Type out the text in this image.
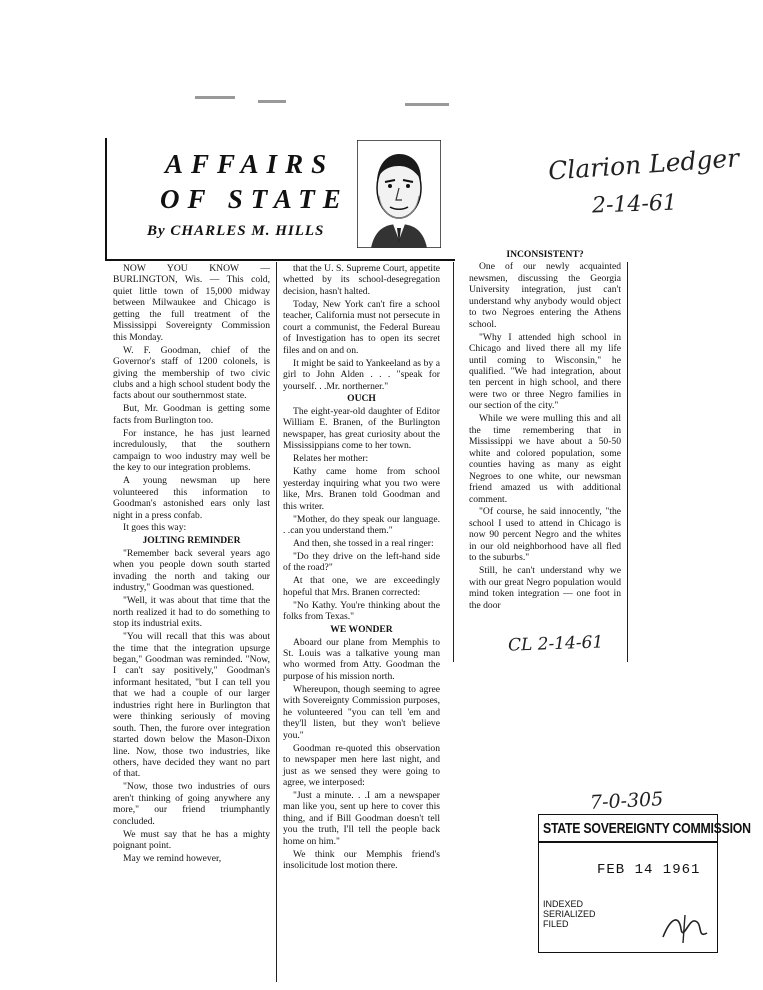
Clarion Ledger
2-14-61
AFFAIRS
OF STATE
By CHARLES M. HILLS

NOW YOU KNOW — BURLINGTON, Wis. — This cold, quiet little town of 15,000 midway between Milwaukee and Chicago is getting the full treatment of the Mississippi Sovereignty Commission this Monday.

W. F. Goodman, chief of the Governor's staff of 1200 colonels, is giving the membership of two civic clubs and a high school student body the facts about our southernmost state.

But, Mr. Goodman is getting some facts from Burlington too.

For instance, he has just learned incredulously, that the southern campaign to woo industry may well be the key to our integration problems.

A young newsman up here volunteered this information to Goodman's astonished ears only last night in a press confab.

It goes this way:

JOLTING REMINDER

"Remember back several years ago when you people down south started invading the north and taking our industry," Goodman was questioned.

"Well, it was about that time that the north realized it had to do something to stop its industrial exits.

"You will recall that this was about the time that the integration upsurge began," Goodman was reminded. "Now, I can't say positively," Goodman's informant hesitated, "but I can tell you that we had a couple of our larger industries right here in Burlington that were thinking seriously of moving south. Then, the furore over integration started down below the Mason-Dixon line. Now, those two industries, like others, have decided they want no part of that.

"Now, those two industries of ours aren't thinking of going anywhere any more," our friend triumphantly concluded.

We must say that he has a mighty poignant point.

May we remind however,

that the U. S. Supreme Court, appetite whetted by its school-desegregation decision, hasn't halted.

Today, New York can't fire a school teacher, California must not persecute in court a communist, the Federal Bureau of Investigation has to open its secret files and on and on.

It might be said to Yankeeland as by a girl to John Alden . . . "speak for yourself. . .Mr. northerner."

OUCH

The eight-year-old daughter of Editor William E. Branen, of the Burlington newspaper, has great curiosity about the Mississippians come to her town.

Relates her mother:

Kathy came home from school yesterday inquiring what you two were like, Mrs. Branen told Goodman and this writer.

"Mother, do they speak our language. . .can you understand them."

And then, she tossed in a real ringer:

"Do they drive on the left-hand side of the road?"

At that one, we are exceedingly hopeful that Mrs. Branen corrected:

"No Kathy. You're thinking about the folks from Texas."

WE WONDER

Aboard our plane from Memphis to St. Louis was a talkative young man who wormed from Atty. Goodman the purpose of his mission north.

Whereupon, though seeming to agree with Sovereignty Commission purposes, he volunteered "you can tell 'em and they'll listen, but they won't believe you."

Goodman re-quoted this observation to newspaper men here last night, and just as we sensed they were going to agree, we interposed:

"Just a minute. . .I am a newspaper man like you, sent up here to cover this thing, and if Bill Goodman doesn't tell you the truth, I'll tell the people back home on him."

We think our Memphis friend's insolicitude lost motion there.

INCONSISTENT?

One of our newly acquainted newsmen, discussing the Georgia University integration, just can't understand why anybody would object to two Negroes entering the Athens school.

"Why I attended high school in Chicago and lived there all my life until coming to Wisconsin," he qualified. "We had integration, about ten percent in high school, and there were two or three Negro families in our section of the city."

While we were mulling this and all the time remembering that in Mississippi we have about a 50-50 white and colored population, some counties having as many as eight Negroes to one white, our newsman friend amazed us with additional comment.

"Of course, he said innocently, "the school I used to attend in Chicago is now 90 percent Negro and the whites in our old neighborhood have all fled to the suburbs."

Still, he can't understand why we with our great Negro population would mind token integration — one foot in the door

CL 2-14-61
7-0-305
STATE SOVEREIGNTY COMMISSION
FEB 14 1961
INDEXED
SERIALIZED
FILED
